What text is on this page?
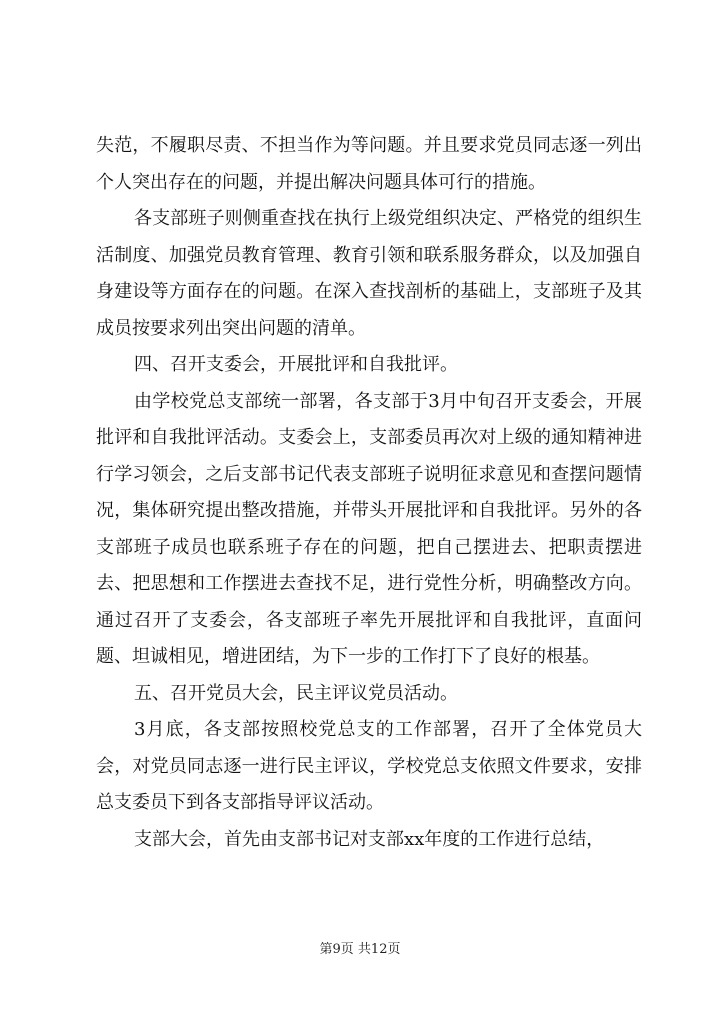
失范，不履职尽责、不担当作为等问题。并且要求党员同志逐一列出个人突出存在的问题，并提出解决问题具体可行的措施。

各支部班子则侧重查找在执行上级党组织决定、严格党的组织生活制度、加强党员教育管理、教育引领和联系服务群众，以及加强自身建设等方面存在的问题。在深入查找剖析的基础上，支部班子及其成员按要求列出突出问题的清单。

四、召开支委会，开展批评和自我批评。

由学校党总支部统一部署，各支部于3月中旬召开支委会，开展批评和自我批评活动。支委会上，支部委员再次对上级的通知精神进行学习领会，之后支部书记代表支部班子说明征求意见和查摆问题情况，集体研究提出整改措施，并带头开展批评和自我批评。另外的各支部班子成员也联系班子存在的问题，把自己摆进去、把职责摆进去、把思想和工作摆进去查找不足，进行党性分析，明确整改方向。通过召开了支委会，各支部班子率先开展批评和自我批评，直面问题、坦诚相见，增进团结，为下一步的工作打下了良好的根基。

五、召开党员大会，民主评议党员活动。

3月底，各支部按照校党总支的工作部署，召开了全体党员大会，对党员同志逐一进行民主评议，学校党总支依照文件要求，安排总支委员下到各支部指导评议活动。

支部大会，首先由支部书记对支部xx年度的工作进行总结，

第9页 共12页
